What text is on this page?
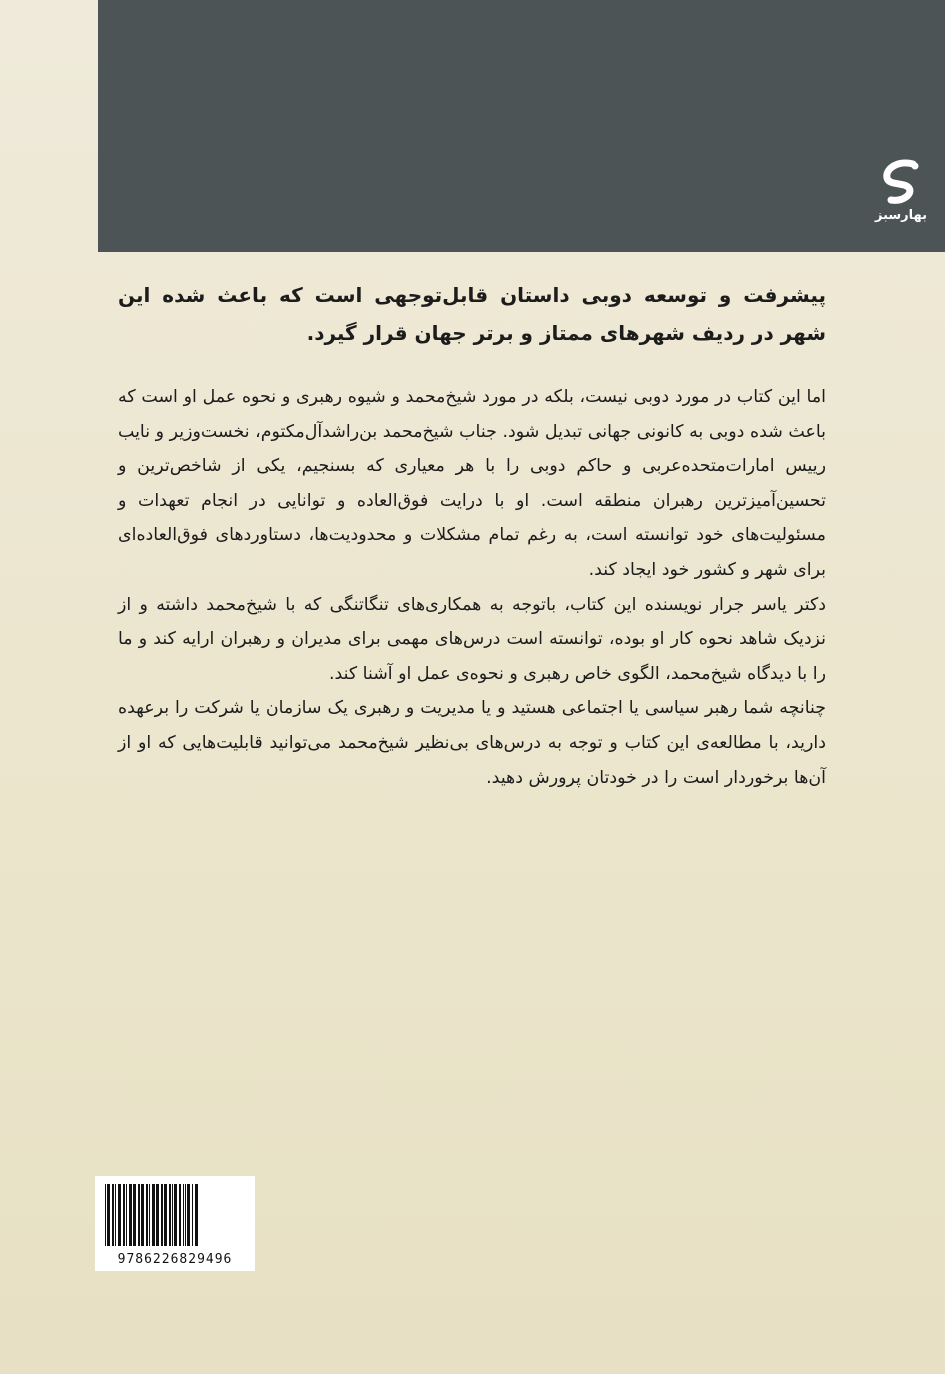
بهارسبز

پیشرفت و توسعه دوبی داستان قابل‌توجهی است که باعث شده این شهر در ردیف شهرهای ممتاز و برتر جهان قرار گیرد.

اما این کتاب در مورد دوبی نیست، بلکه در مورد شیخ‌محمد و شیوه رهبری و نحوه عمل او است که باعث شده دوبی به کانونی جهانی تبدیل شود. جناب شیخ‌محمد بن‌راشدآل‌مکتوم، نخست‌وزیر و نایب رییس امارات‌متحده‌عربی و حاکم دوبی را با هر معیاری که بسنجیم، یکی از شاخص‌ترین و تحسین‌آمیزترین رهبران منطقه است. او با درایت فوق‌العاده و توانایی در انجام تعهدات و مسئولیت‌های خود توانسته است، به رغم تمام مشکلات و محدودیت‌ها، دستاوردهای فوق‌العاده‌ای برای شهر و کشور خود ایجاد کند.

دکتر یاسر جرار نویسنده این کتاب، باتوجه به همکاری‌های تنگاتنگی که با شیخ‌محمد داشته و از نزدیک شاهد نحوه کار او بوده، توانسته است درس‌های مهمی برای مدیران و رهبران ارایه کند و ما را با دیدگاه شیخ‌محمد، الگوی خاص رهبری و نحوه‌ی عمل او آشنا کند.

چنانچه شما رهبر سیاسی یا اجتماعی هستید و یا مدیریت و رهبری یک سازمان یا شرکت را برعهده دارید، با مطالعه‌ی این کتاب و توجه به درس‌های بی‌نظیر شیخ‌محمد می‌توانید قابلیت‌هایی که او از آن‌ها برخوردار است را در خودتان پرورش دهید.

9786226829496
